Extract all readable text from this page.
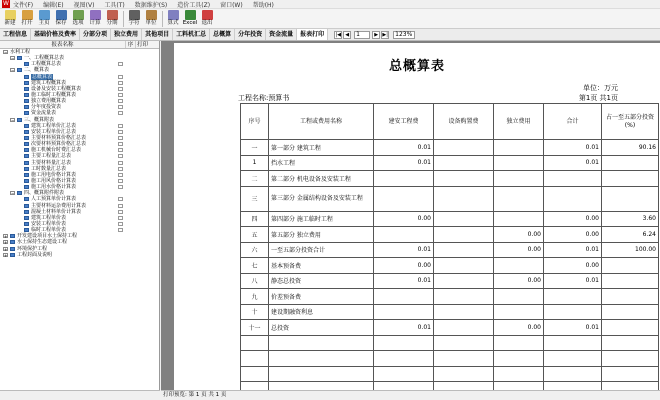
W 文件(F) 编辑(E) 视图(V) 工具(T) 数据维护(S) 造价工具(Z) 窗口(W) 帮助(H)
新建 打开 主页 保存 选项 计算 分期 字符 单位 算式 Excel 退出
工程信息	基础价格及费率	分部分项	独立费用	其他项目	工料机汇总	总概算	分年投资	资金流量	报表打印	|◀ ◀	1	▶ ▶|	123%
报表名称	序 打印
− 水利工程
− 一、工程概算总表
工程概算总表
− 二、概算表
总概算表
建筑工程概算表
设备及安装工程概算表
施工临时工程概算表
独立费用概算表
分年度投资表
资金流量表
− 三、概算附表
建筑工程单价汇总表
安装工程单价汇总表
主要材料预算价格汇总表
次要材料预算价格汇总表
施工机械台时费汇总表
主要工程量汇总表
主要材料量汇总表
工时数量汇总表
施工用电价格计算表
施工用风价格计算表
施工用水价格计算表
− 四、概算附件附表
人工预算单价计算表
主要材料运杂费用计算表
混凝土材料单价计算表
建筑工程单价表
安装工程单价表
临时工程单价表
+ 开发建设项目水土保持工程
+ 水土保持生态建设工程
+ 环境保护工程
+ 工程封面及说明
总概算表
单位：万元
第1页 共1页
工程名称:预算书
序号	工程或费用名称	建安工程费	设备购置费	独立费用	合计	占一至五部分投资(%)
一	第一部分 建筑工程	0.01			0.01	90.16
1	挡水工程	0.01			0.01	
二	第二部分 机电设备及安装工程					
三	第三部分 金属结构设备及安装工程					
四	第四部分 施工临时工程	0.00			0.00	3.60
五	第五部分 独立费用			0.00	0.00	6.24
六	一至五部分投资合计	0.01		0.00	0.01	100.00
七	基本预备费	0.00			0.00	
八	静态总投资	0.01		0.00	0.01	
九	价差预备费					
十	建设期融资利息					
十一	总投资	0.01		0.00	0.01	

打印预览: 第 1 页 共 1 页
